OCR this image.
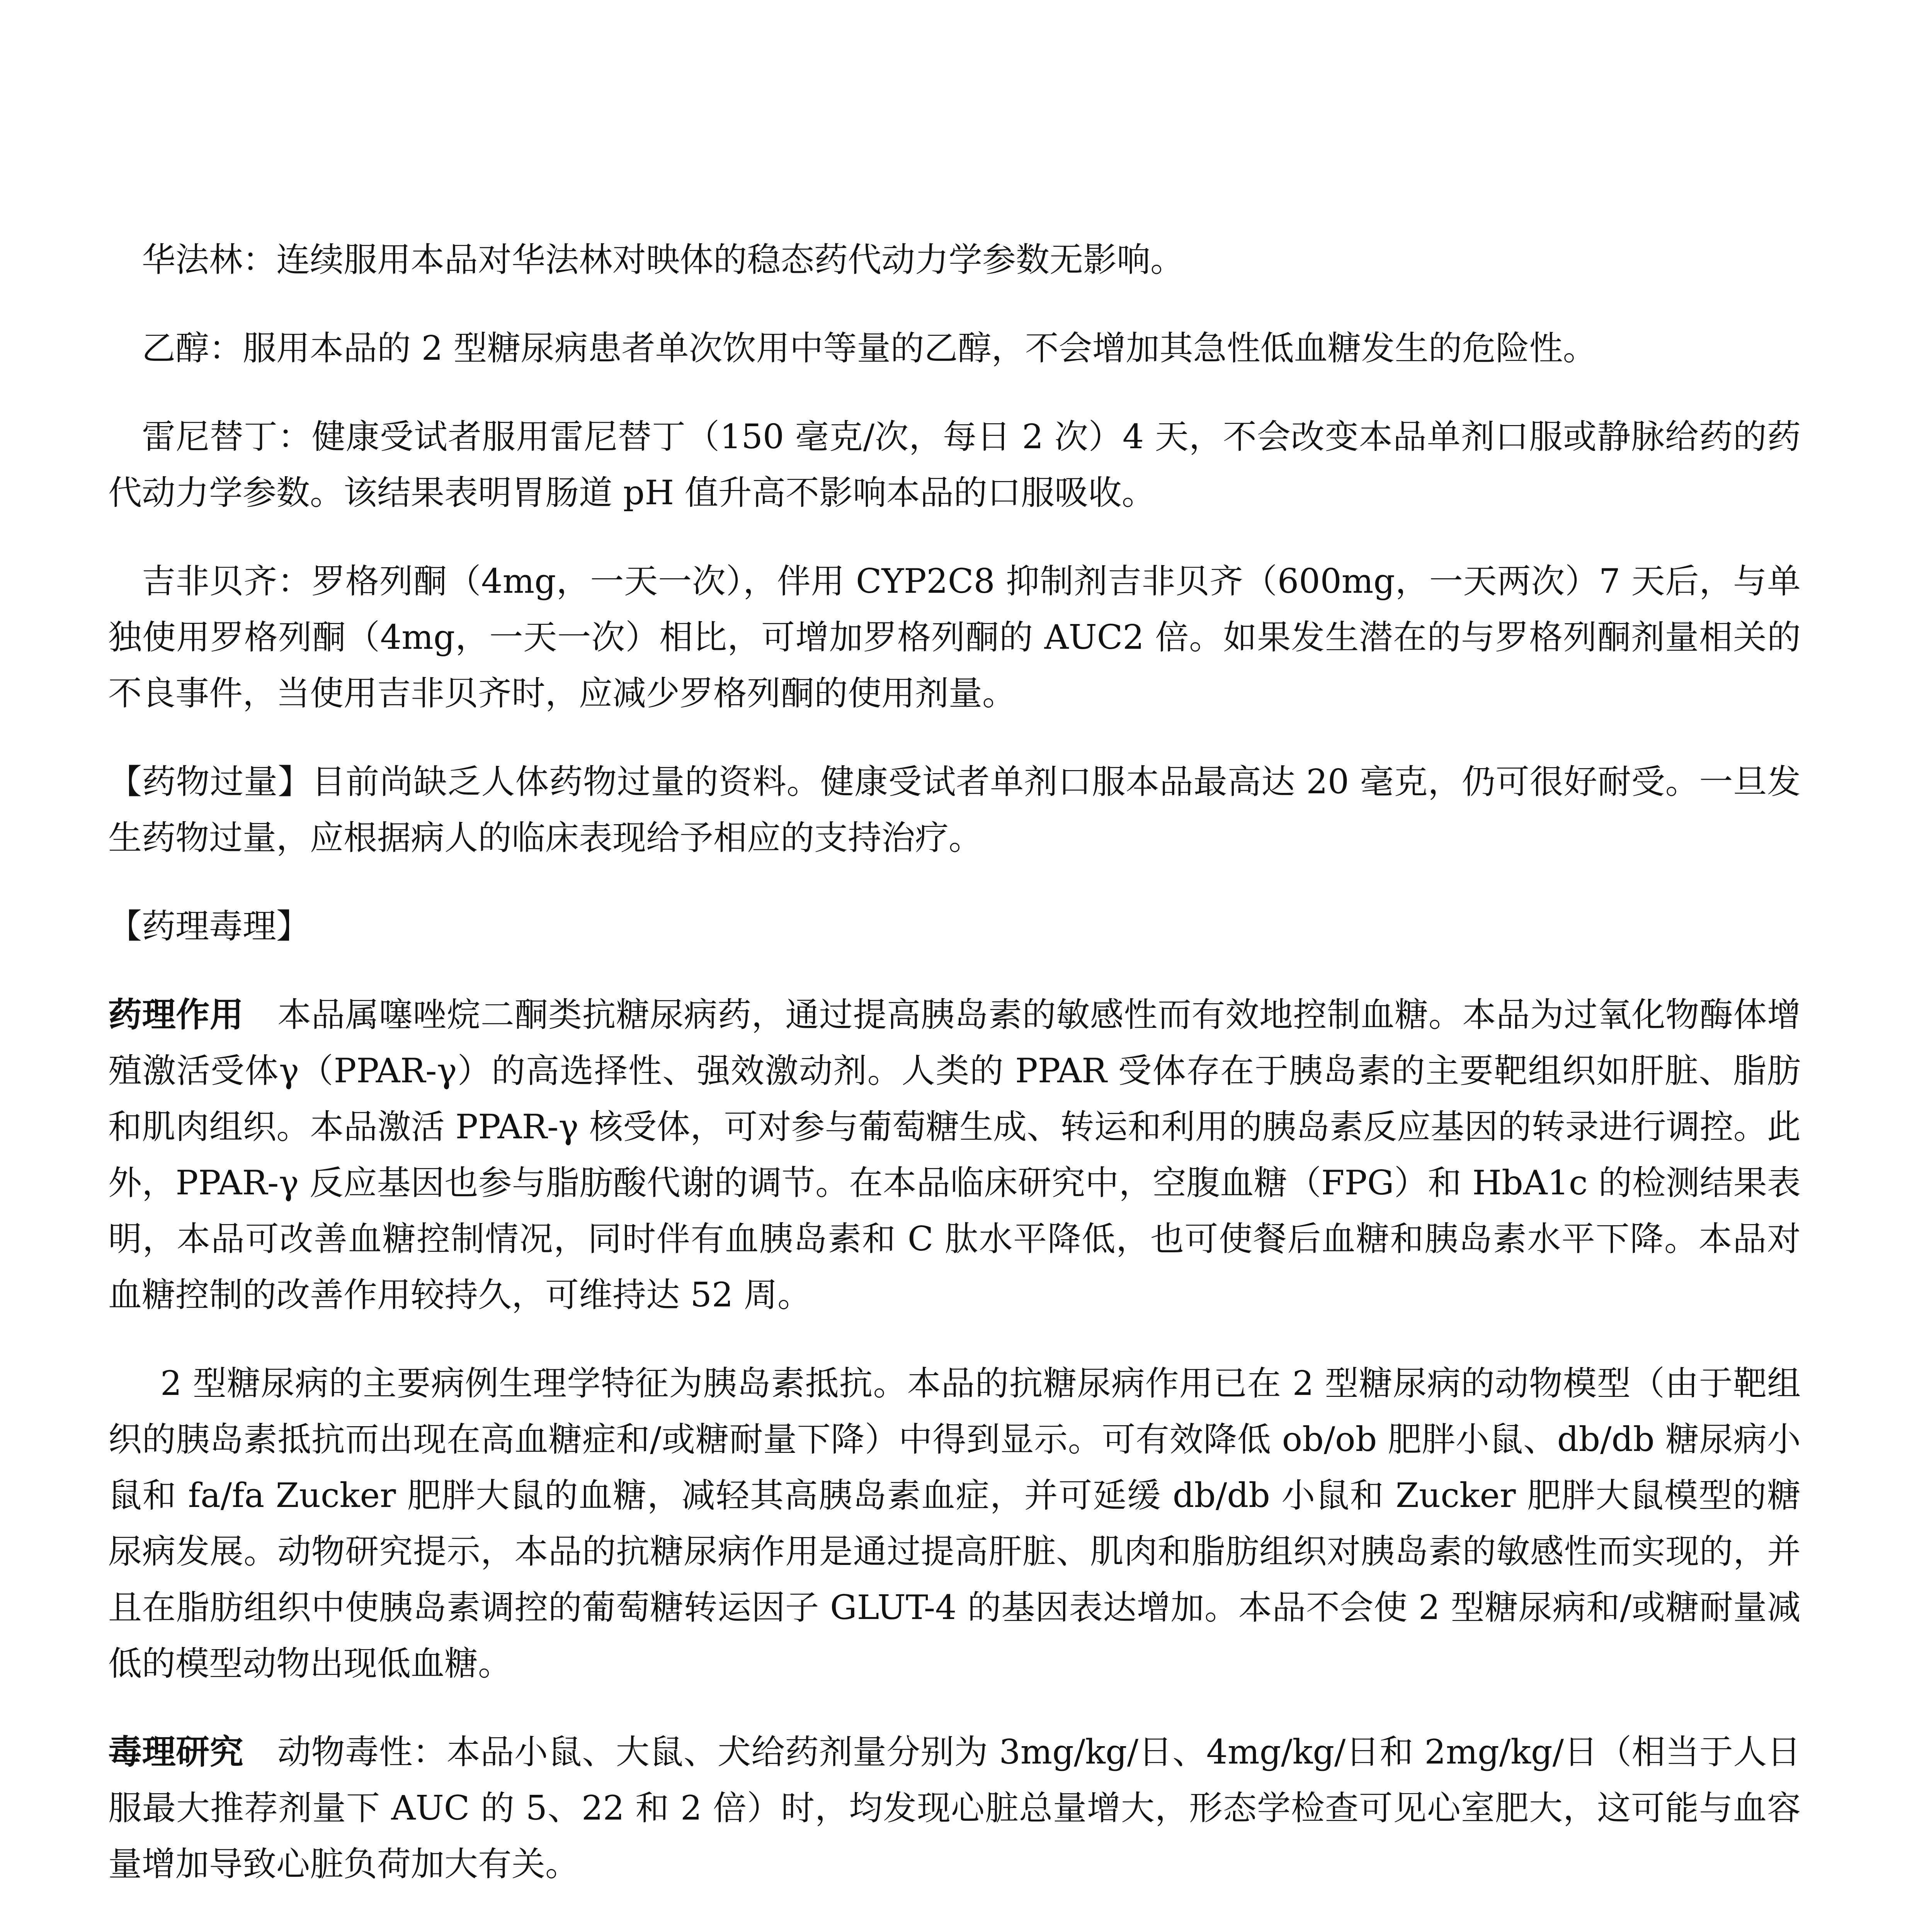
华法林：连续服用本品对华法林对映体的稳态药代动力学参数无影响。

乙醇：服用本品的 2 型糖尿病患者单次饮用中等量的乙醇，不会增加其急性低血糖发生的危险性。

雷尼替丁：健康受试者服用雷尼替丁（150 毫克/次，每日 2 次）4 天，不会改变本品单剂口服或静脉给药的药代动力学参数。该结果表明胃肠道 pH 值升高不影响本品的口服吸收。

吉非贝齐：罗格列酮（4mg，一天一次），伴用 CYP2C8 抑制剂吉非贝齐（600mg，一天两次）7 天后，与单独使用罗格列酮（4mg，一天一次）相比，可增加罗格列酮的 AUC2 倍。如果发生潜在的与罗格列酮剂量相关的不良事件，当使用吉非贝齐时，应减少罗格列酮的使用剂量。

【药物过量】目前尚缺乏人体药物过量的资料。健康受试者单剂口服本品最高达 20 毫克，仍可很好耐受。一旦发生药物过量，应根据病人的临床表现给予相应的支持治疗。

【药理毒理】

药理作用 本品属噻唑烷二酮类抗糖尿病药，通过提高胰岛素的敏感性而有效地控制血糖。本品为过氧化物酶体增殖激活受体γ（PPAR-γ）的高选择性、强效激动剂。人类的 PPAR 受体存在于胰岛素的主要靶组织如肝脏、脂肪和肌肉组织。本品激活 PPAR-γ 核受体，可对参与葡萄糖生成、转运和利用的胰岛素反应基因的转录进行调控。此外，PPAR-γ 反应基因也参与脂肪酸代谢的调节。在本品临床研究中，空腹血糖（FPG）和 HbA1c 的检测结果表明，本品可改善血糖控制情况，同时伴有血胰岛素和 C 肽水平降低，也可使餐后血糖和胰岛素水平下降。本品对血糖控制的改善作用较持久，可维持达 52 周。

2 型糖尿病的主要病例生理学特征为胰岛素抵抗。本品的抗糖尿病作用已在 2 型糖尿病的动物模型（由于靶组织的胰岛素抵抗而出现在高血糖症和/或糖耐量下降）中得到显示。可有效降低 ob/ob 肥胖小鼠、db/db 糖尿病小鼠和 fa/fa Zucker 肥胖大鼠的血糖，减轻其高胰岛素血症，并可延缓 db/db 小鼠和 Zucker 肥胖大鼠模型的糖尿病发展。动物研究提示，本品的抗糖尿病作用是通过提高肝脏、肌肉和脂肪组织对胰岛素的敏感性而实现的，并且在脂肪组织中使胰岛素调控的葡萄糖转运因子 GLUT-4 的基因表达增加。本品不会使 2 型糖尿病和/或糖耐量减低的模型动物出现低血糖。

毒理研究 动物毒性：本品小鼠、大鼠、犬给药剂量分别为 3mg/kg/日、4mg/kg/日和 2mg/kg/日（相当于人日服最大推荐剂量下 AUC 的 5、22 和 2 倍）时，均发现心脏总量增大，形态学检查可见心室肥大，这可能与血容量增加导致心脏负荷加大有关。
